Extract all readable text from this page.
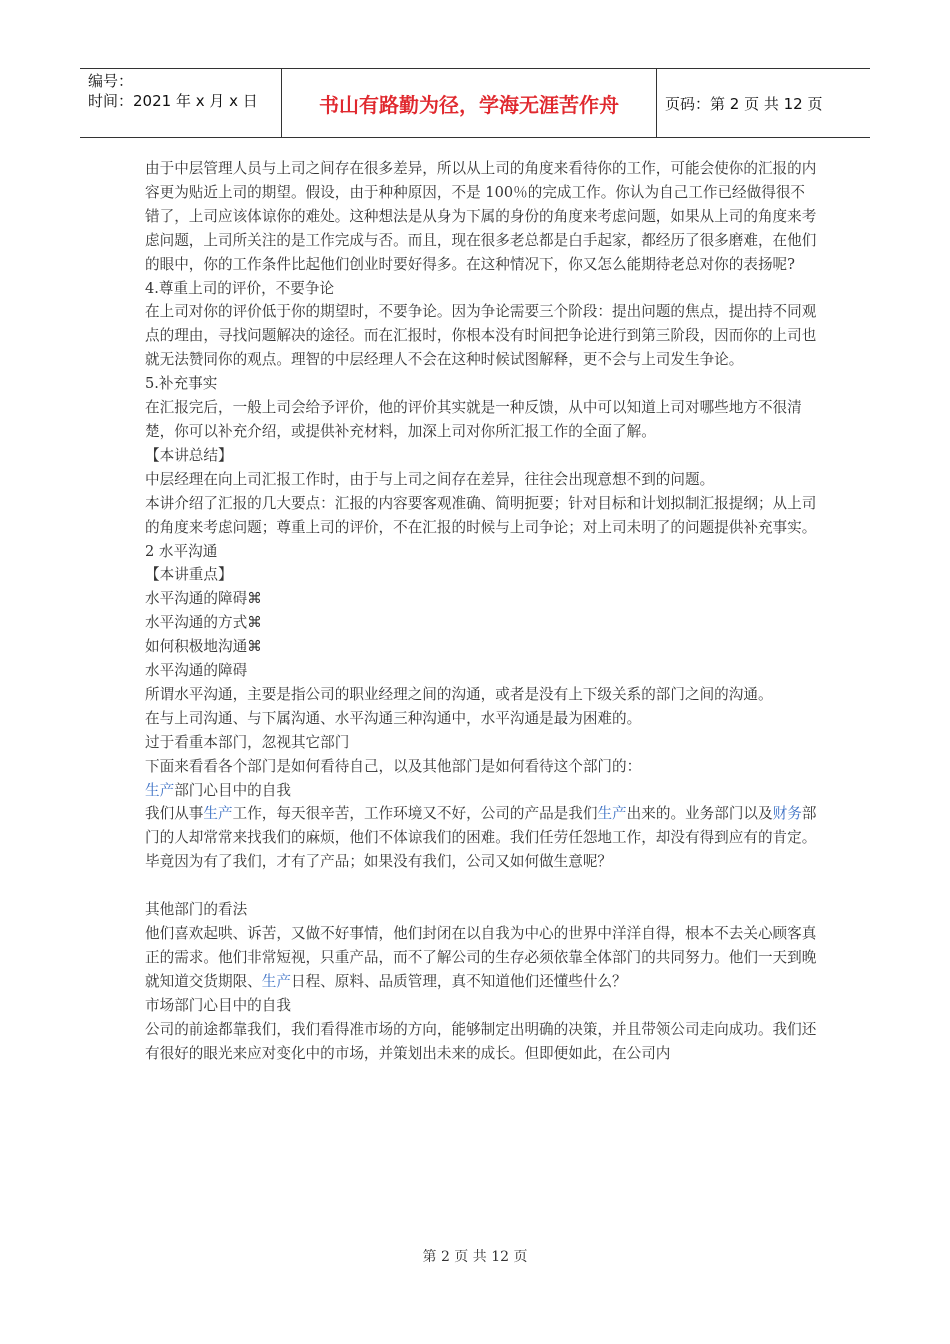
编号：
时间：2021 年 x 月 x 日	书山有路勤为径，学海无涯苦作舟	页码：第 2 页 共 12 页

由于中层管理人员与上司之间存在很多差异，所以从上司的角度来看待你的工作，可能会使你的汇报的内容更为贴近上司的期望。假设，由于种种原因，不是 100％的完成工作。你认为自己工作已经做得很不错了，上司应该体谅你的难处。这种想法是从身为下属的身份的角度来考虑问题，如果从上司的角度来考虑问题，上司所关注的是工作完成与否。而且，现在很多老总都是白手起家，都经历了很多磨难，在他们的眼中，你的工作条件比起他们创业时要好得多。在这种情况下，你又怎么能期待老总对你的表扬呢?

4.尊重上司的评价，不要争论

在上司对你的评价低于你的期望时，不要争论。因为争论需要三个阶段：提出问题的焦点，提出持不同观点的理由，寻找问题解决的途径。而在汇报时，你根本没有时间把争论进行到第三阶段，因而你的上司也就无法赞同你的观点。理智的中层经理人不会在这种时候试图解释，更不会与上司发生争论。

5.补充事实

在汇报完后，一般上司会给予评价，他的评价其实就是一种反馈，从中可以知道上司对哪些地方不很清楚，你可以补充介绍，或提供补充材料，加深上司对你所汇报工作的全面了解。

【本讲总结】

中层经理在向上司汇报工作时，由于与上司之间存在差异，往往会出现意想不到的问题。

本讲介绍了汇报的几大要点：汇报的内容要客观准确、简明扼要；针对目标和计划拟制汇报提纲；从上司的角度来考虑问题；尊重上司的评价，不在汇报的时候与上司争论；对上司未明了的问题提供补充事实。

2 水平沟通

【本讲重点】

水平沟通的障碍⌘

水平沟通的方式⌘

如何积极地沟通⌘

水平沟通的障碍

所谓水平沟通，主要是指公司的职业经理之间的沟通，或者是没有上下级关系的部门之间的沟通。

在与上司沟通、与下属沟通、水平沟通三种沟通中，水平沟通是最为困难的。

过于看重本部门，忽视其它部门

下面来看看各个部门是如何看待自己，以及其他部门是如何看待这个部门的：

生产部门心目中的自我

我们从事生产工作，每天很辛苦，工作环境又不好，公司的产品是我们生产出来的。业务部门以及财务部门的人却常常来找我们的麻烦，他们不体谅我们的困难。我们任劳任怨地工作，却没有得到应有的肯定。毕竟因为有了我们，才有了产品；如果没有我们，公司又如何做生意呢？

其他部门的看法

他们喜欢起哄、诉苦，又做不好事情，他们封闭在以自我为中心的世界中洋洋自得，根本不去关心顾客真正的需求。他们非常短视，只重产品，而不了解公司的生存必须依靠全体部门的共同努力。他们一天到晚就知道交货期限、生产日程、原料、品质管理，真不知道他们还懂些什么？

市场部门心目中的自我

公司的前途都靠我们，我们看得准市场的方向，能够制定出明确的决策，并且带领公司走向成功。我们还有很好的眼光来应对变化中的市场，并策划出未来的成长。但即便如此，在公司内

第 2 页 共 12 页
